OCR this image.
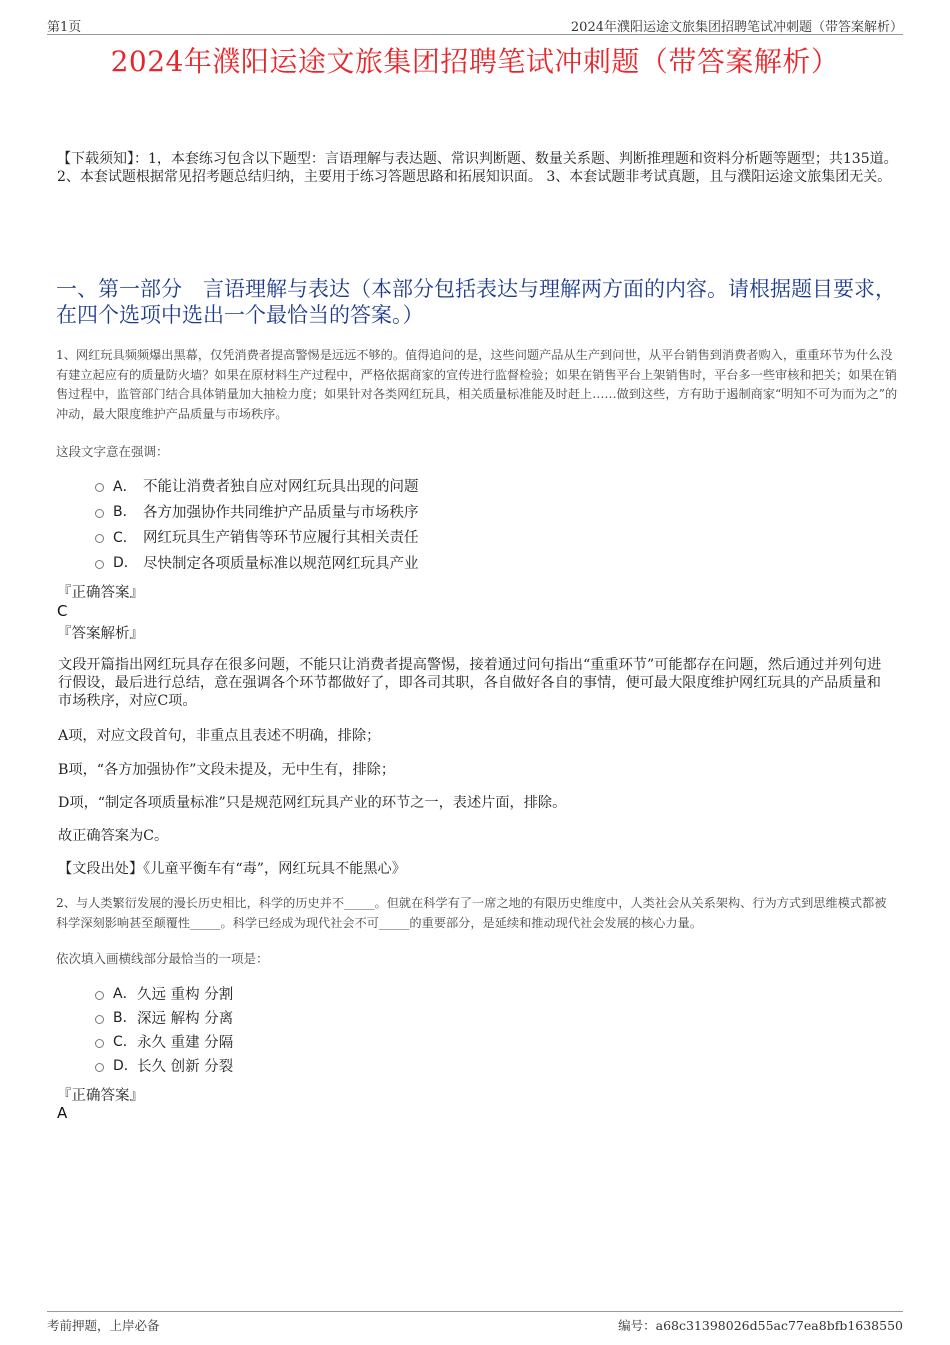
第1页	2024年濮阳运途文旅集团招聘笔试冲刺题（带答案解析）
2024年濮阳运途文旅集团招聘笔试冲刺题（带答案解析）
【下载须知】：1，本套练习包含以下题型：言语理解与表达题、常识判断题、数量关系题、判断推理题和资料分析题等题型；共135道。 2、本套试题根据常见招考题总结归纳，主要用于练习答题思路和拓展知识面。 3、本套试题非考试真题，且与濮阳运途文旅集团无关。
一、第一部分　言语理解与表达（本部分包括表达与理解两方面的内容。请根据题目要求，在四个选项中选出一个最恰当的答案。）
1、网红玩具频频爆出黑幕，仅凭消费者提高警惕是远远不够的。值得追问的是，这些问题产品从生产到问世，从平台销售到消费者购入，重重环节为什么没有建立起应有的质量防火墙？如果在原材料生产过程中，严格依据商家的宣传进行监督检验；如果在销售平台上架销售时，平台多一些审核和把关；如果在销售过程中，监管部门结合具体销量加大抽检力度；如果针对各类网红玩具，相关质量标准能及时赶上……做到这些，方有助于遏制商家“明知不可为而为之”的冲动，最大限度维护产品质量与市场秩序。
这段文字意在强调：
A． 不能让消费者独自应对网红玩具出现的问题
B． 各方加强协作共同维护产品质量与市场秩序
C． 网红玩具生产销售等环节应履行其相关责任
D． 尽快制定各项质量标准以规范网红玩具产业
『正确答案』
C
『答案解析』
文段开篇指出网红玩具存在很多问题，不能只让消费者提高警惕，接着通过问句指出“重重环节”可能都存在问题，然后通过并列句进行假设，最后进行总结，意在强调各个环节都做好了，即各司其职，各自做好各自的事情，便可最大限度维护网红玩具的产品质量和市场秩序，对应C项。
A项，对应文段首句，非重点且表述不明确，排除；
B项，“各方加强协作”文段未提及，无中生有，排除；
D项，“制定各项质量标准”只是规范网红玩具产业的环节之一，表述片面，排除。
故正确答案为C。
【文段出处】《儿童平衡车有“毒”，网红玩具不能黑心》
2、与人类繁衍发展的漫长历史相比，科学的历史并不_____。但就在科学有了一席之地的有限历史维度中，人类社会从关系架构、行为方式到思维模式都被科学深刻影响甚至颠覆性_____。科学已经成为现代社会不可_____的重要部分，是延续和推动现代社会发展的核心力量。
依次填入画横线部分最恰当的一项是：
A． 久远 重构 分割
B． 深远 解构 分离
C． 永久 重建 分隔
D． 长久 创新 分裂
『正确答案』
A
考前押题，上岸必备	编号：a68c31398026d55ac77ea8bfb1638550
